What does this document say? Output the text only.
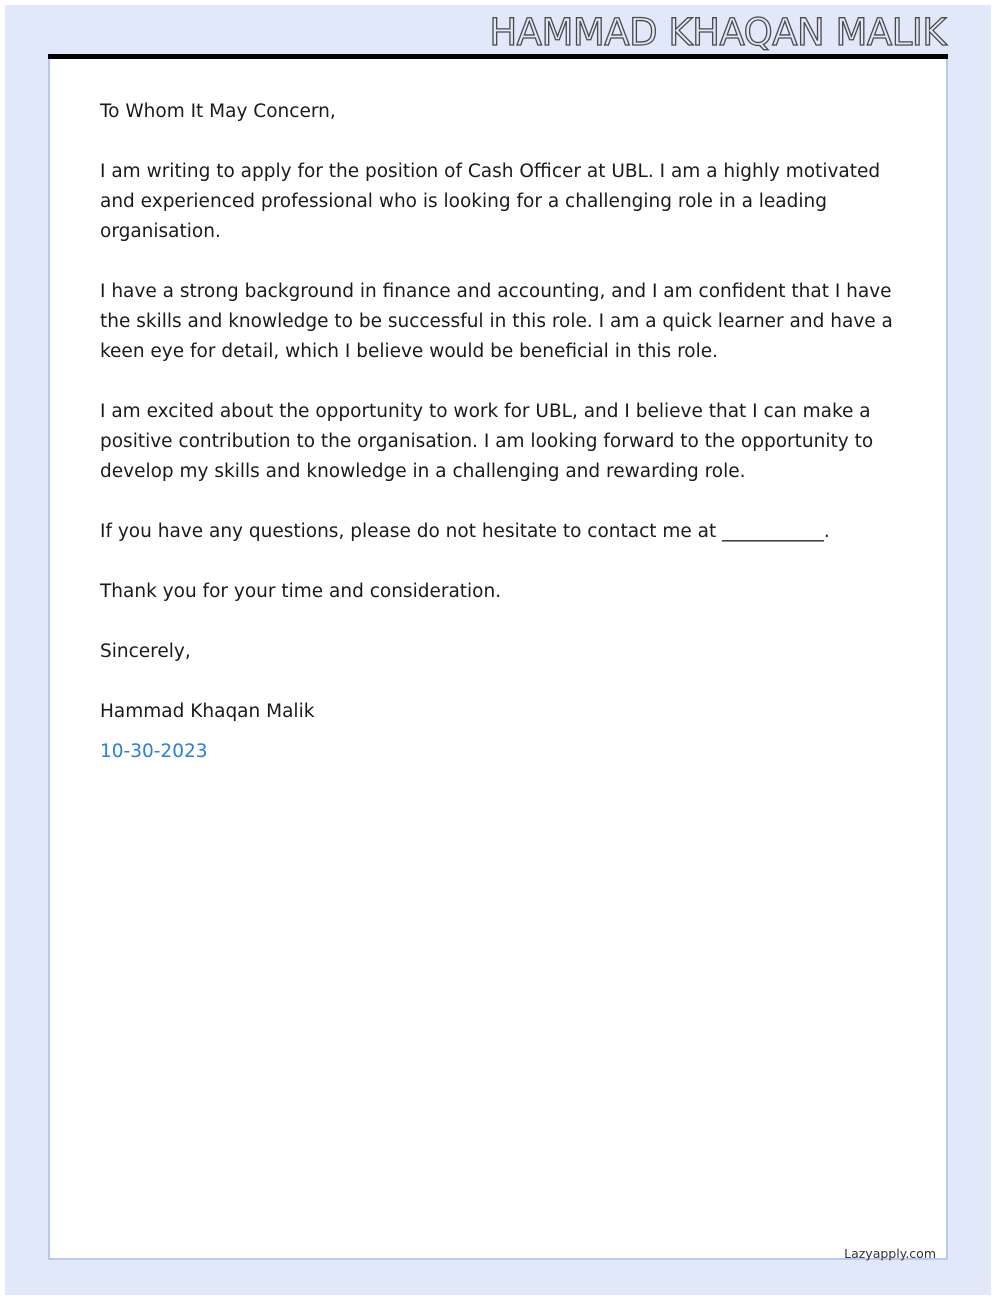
HAMMAD KHAQAN MALIK

To Whom It May Concern,

I am writing to apply for the position of Cash Officer at UBL. I am a highly motivated and experienced professional who is looking for a challenging role in a leading organisation.

I have a strong background in finance and accounting, and I am confident that I have the skills and knowledge to be successful in this role. I am a quick learner and have a keen eye for detail, which I believe would be beneficial in this role.

I am excited about the opportunity to work for UBL, and I believe that I can make a positive contribution to the organisation. I am looking forward to the opportunity to develop my skills and knowledge in a challenging and rewarding role.

If you have any questions, please do not hesitate to contact me at ___________.

Thank you for your time and consideration.

Sincerely,

Hammad Khaqan Malik

10-30-2023

Lazyapply.com
